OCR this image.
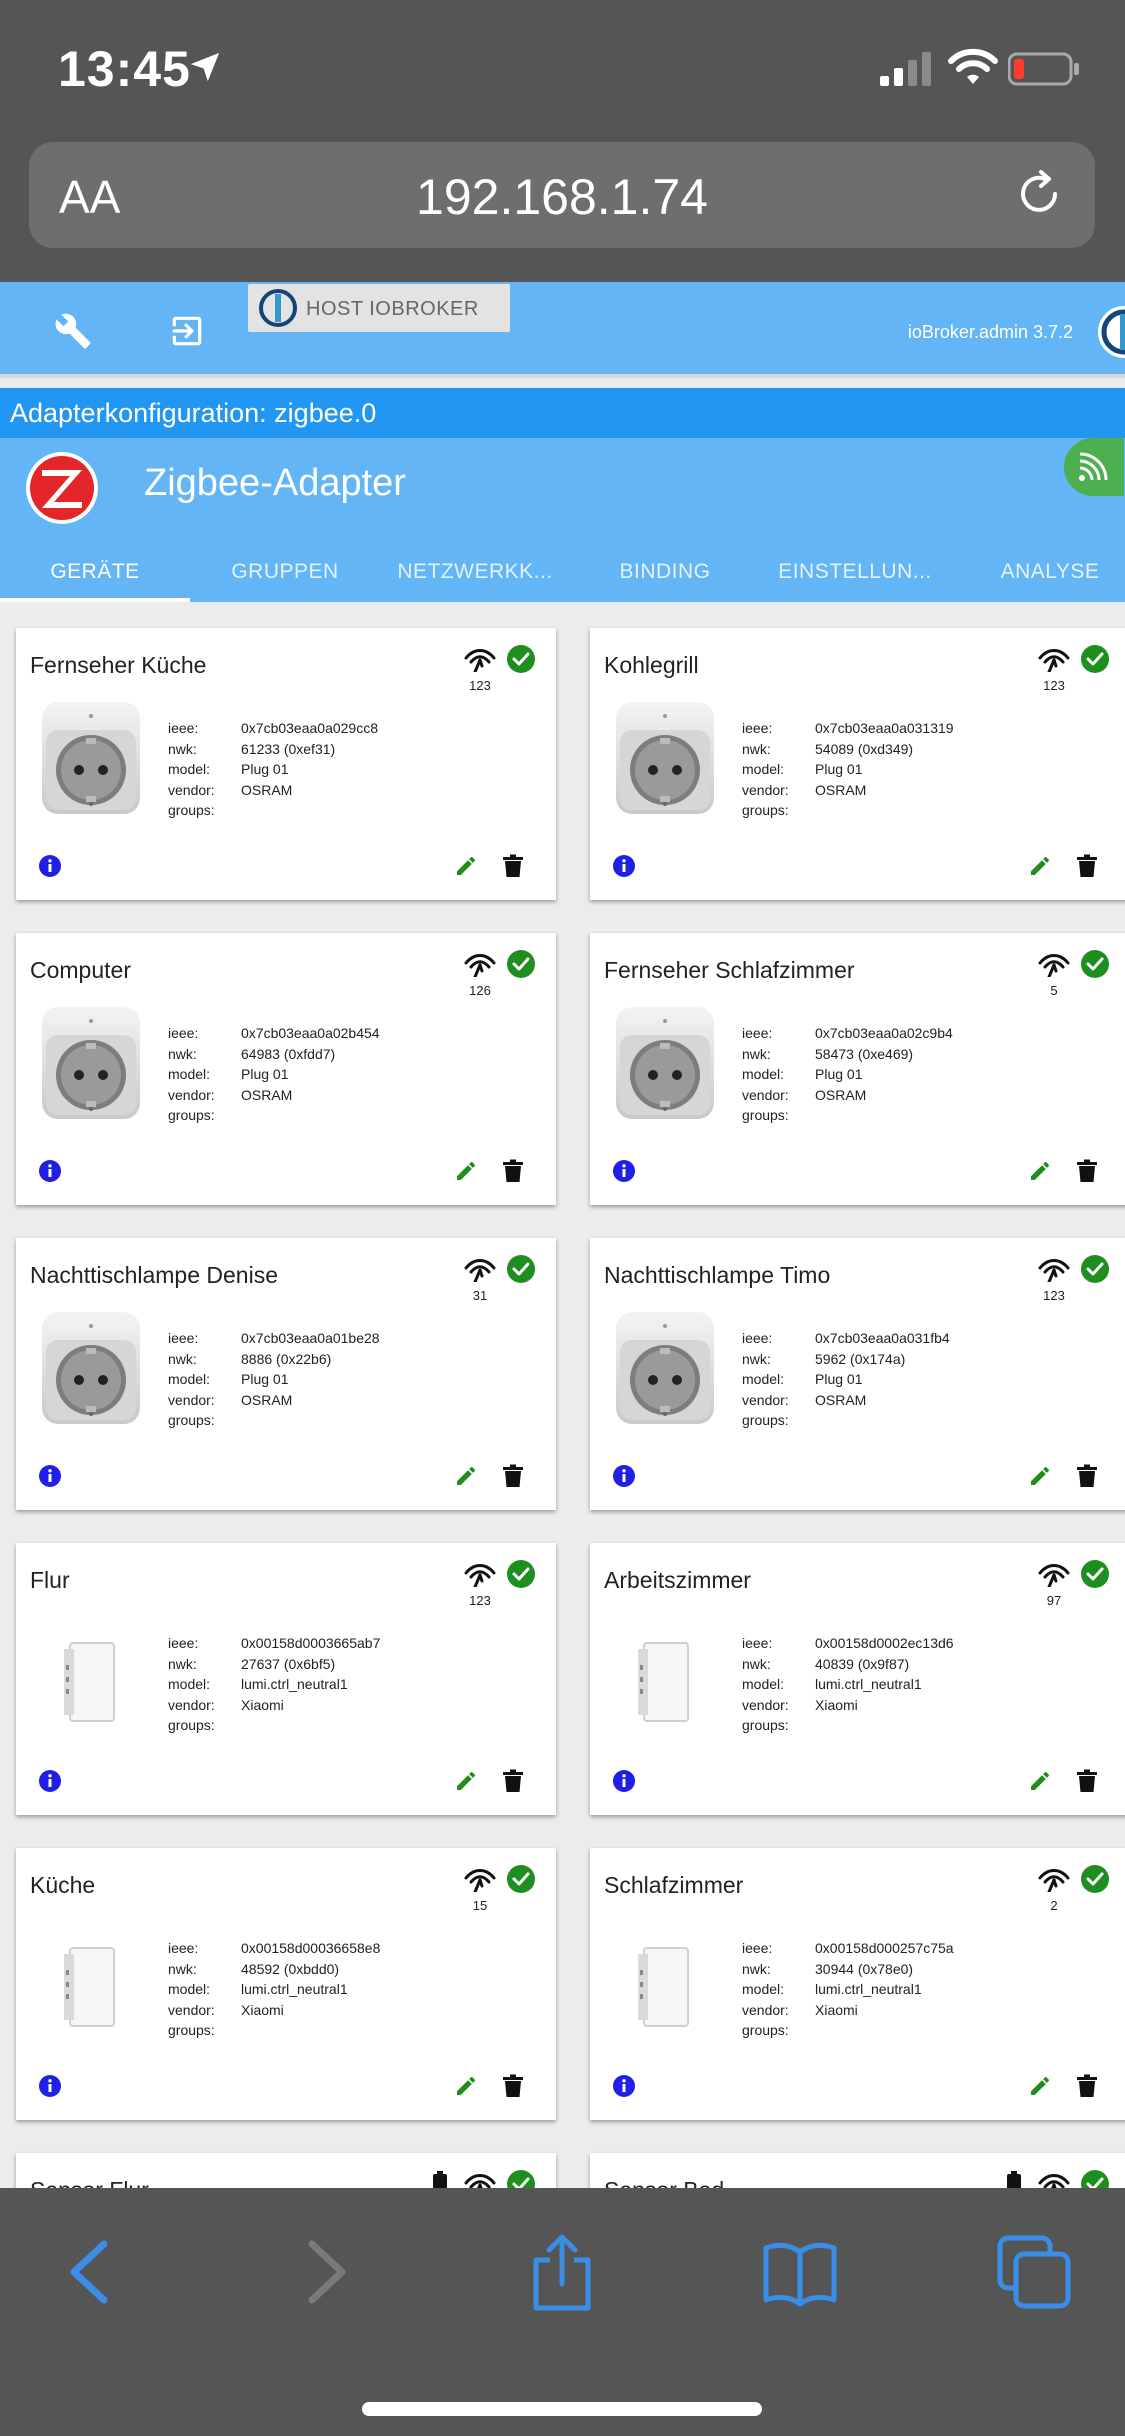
13:45
AA	192.168.1.74
HOST IOBROKER
ioBroker.admin 3.7.2
Adapterkonfiguration: zigbee.0
Zigbee-Adapter
GERÄTE	GRUPPEN	NETZWERKK...	BINDING	EINSTELLUN...	ANALYSE
Fernseher Küche
123
ieee:	0x7cb03eaa0a029cc8
nwk:	61233 (0xef31)
model:	Plug 01
vendor:	OSRAM
groups:
Kohlegrill
123
ieee:	0x7cb03eaa0a031319
nwk:	54089 (0xd349)
model:	Plug 01
vendor:	OSRAM
groups:
Computer
126
ieee:	0x7cb03eaa0a02b454
nwk:	64983 (0xfdd7)
model:	Plug 01
vendor:	OSRAM
groups:
Fernseher Schlafzimmer
5
ieee:	0x7cb03eaa0a02c9b4
nwk:	58473 (0xe469)
model:	Plug 01
vendor:	OSRAM
groups:
Nachttischlampe Denise
31
ieee:	0x7cb03eaa0a01be28
nwk:	8886 (0x22b6)
model:	Plug 01
vendor:	OSRAM
groups:
Nachttischlampe Timo
123
ieee:	0x7cb03eaa0a031fb4
nwk:	5962 (0x174a)
model:	Plug 01
vendor:	OSRAM
groups:
Flur
123
ieee:	0x00158d0003665ab7
nwk:	27637 (0x6bf5)
model:	lumi.ctrl_neutral1
vendor:	Xiaomi
groups:
Arbeitszimmer
97
ieee:	0x00158d0002ec13d6
nwk:	40839 (0x9f87)
model:	lumi.ctrl_neutral1
vendor:	Xiaomi
groups:
Küche
15
ieee:	0x00158d00036658e8
nwk:	48592 (0xbdd0)
model:	lumi.ctrl_neutral1
vendor:	Xiaomi
groups:
Schlafzimmer
2
ieee:	0x00158d000257c75a
nwk:	30944 (0x78e0)
model:	lumi.ctrl_neutral1
vendor:	Xiaomi
groups:
